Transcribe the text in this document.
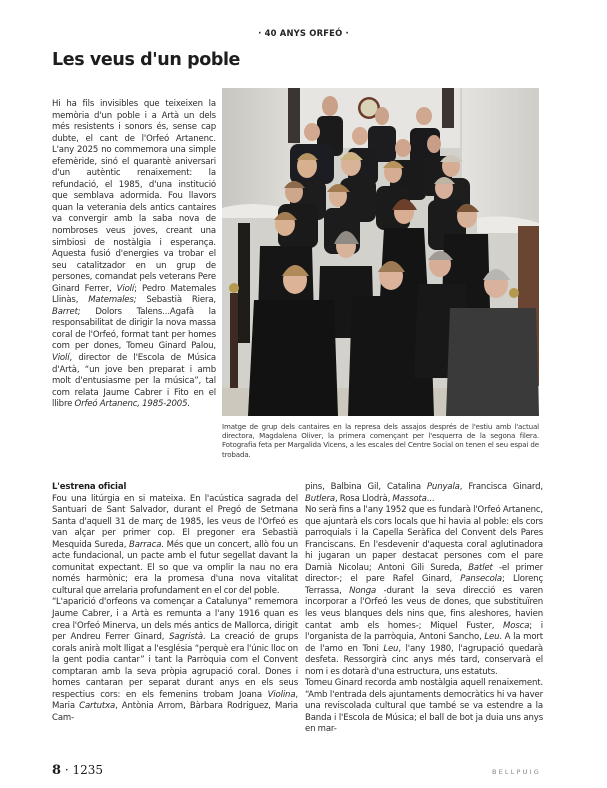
· 40 ANYS ORFEÓ ·
Les veus d'un poble
Hi ha fils invisibles que teixeixen la memòria d'un poble i a Artà un dels més resistents i sonors és, sense cap dubte, el cant de l'Orfeó Artanenc. L'any 2025 no commemora una simple efemèride, sinó el quarantè aniversari d'un autèntic renaixement: la refundació, el 1985, d'una institució que semblava adormida. Fou llavors quan la veterania dels antics cantaires va convergir amb la saba nova de nombroses veus joves, creant una simbiosi de nostàlgia i esperança. Aquesta fusió d'energies va trobar el seu catalitzador en un grup de persones, comandat pels veterans Pere Ginard Ferrer, Violí; Pedro Matemales Llinàs, Matemales; Sebastià Riera, Barret; Dolors Talens...Agafà la responsabilitat de dirigir la nova massa coral de l'Orfeó, format tant per homes com per dones, Tomeu Ginard Palou, Violí, director de l'Escola de Música d'Artà, “un jove ben preparat i amb molt d'entusiasme per la música”, tal com relata Jaume Cabrer i Fito en el llibre Orfeó Artanenc, 1985-2005.
Imatge de grup dels cantaires en la represa dels assajos després de l'estiu amb l'actual directora, Magdalena Oliver, la primera començant per l'esquerra de la segona filera. Fotografia feta per Margalida Vicens, a les escales del Centre Social on tenen el seu espai de trobada.
L'estrena oficial
Fou una litúrgia en si mateixa. En l'acústica sagrada del Santuari de Sant Salvador, durant el Pregó de Setmana Santa d'aquell 31 de març de 1985, les veus de l'Orfeó es van alçar per primer cop. El pregoner era Sebastià Mesquida Sureda, Barraca. Més que un concert, allò fou un acte fundacional, un pacte amb el futur segellat davant la comunitat expectant. El so que va omplir la nau no era només harmònic; era la promesa d'una nova vitalitat cultural que arrelaria profundament en el cor del poble.
“L'aparició d'orfeons va començar a Catalunya” rememora Jaume Cabrer, i a Artà es remunta a l'any 1916 quan es crea l'Orfeó Minerva, un dels més antics de Mallorca, dirigit per Andreu Ferrer Ginard, Sagristà. La creació de grups corals anirà molt lligat a l'església “perquè era l'únic lloc on la gent podia cantar” i tant la Parròquia com el Convent comptaran amb la seva pròpia agrupació coral. Dones i homes cantaran per separat durant anys en els seus respectius cors: en els femenins trobam Joana Violina, Maria Cartutxa, Antònia Arrom, Bàrbara Rodriguez, Maria Cam-
pins, Balbina Gil, Catalina Punyala, Francisca Ginard, Butlera, Rosa Llodrà, Massota...
No serà fins a l'any 1952 que es fundarà l'Orfeó Artanenc, que ajuntarà els cors locals que hi havia al poble: els cors parroquials i la Capella Seràfica del Convent dels Pares Franciscans. En l'esdevenir d'aquesta coral aglutinadora hi jugaran un paper destacat persones com el pare Damià Nicolau; Antoni Gili Sureda, Batlet -el primer director-; el pare Rafel Ginard, Pansecola; Llorenç Terrassa, Nonga -durant la seva direcció es varen incorporar a l'Orfeó les veus de dones, que substituïren les veus blanques dels nins que, fins aleshores, havien cantat amb els homes-; Miquel Fuster, Mosca; i l'organista de la parròquia, Antoni Sancho, Leu. A la mort de l'amo en Toni Leu, l'any 1980, l'agrupació quedarà desfeta. Ressorgirà cinc anys més tard, conservarà el nom i es dotarà d'una estructura, uns estatuts.
Tomeu Ginard recorda amb nostàlgia aquell renaixement. “Amb l'entrada dels ajuntaments democràtics hi va haver una reviscolada cultural que també se va estendre a la Banda i l'Escola de Música; el ball de bot ja duia uns anys en mar-
8 · 1235	BELLPUIG
